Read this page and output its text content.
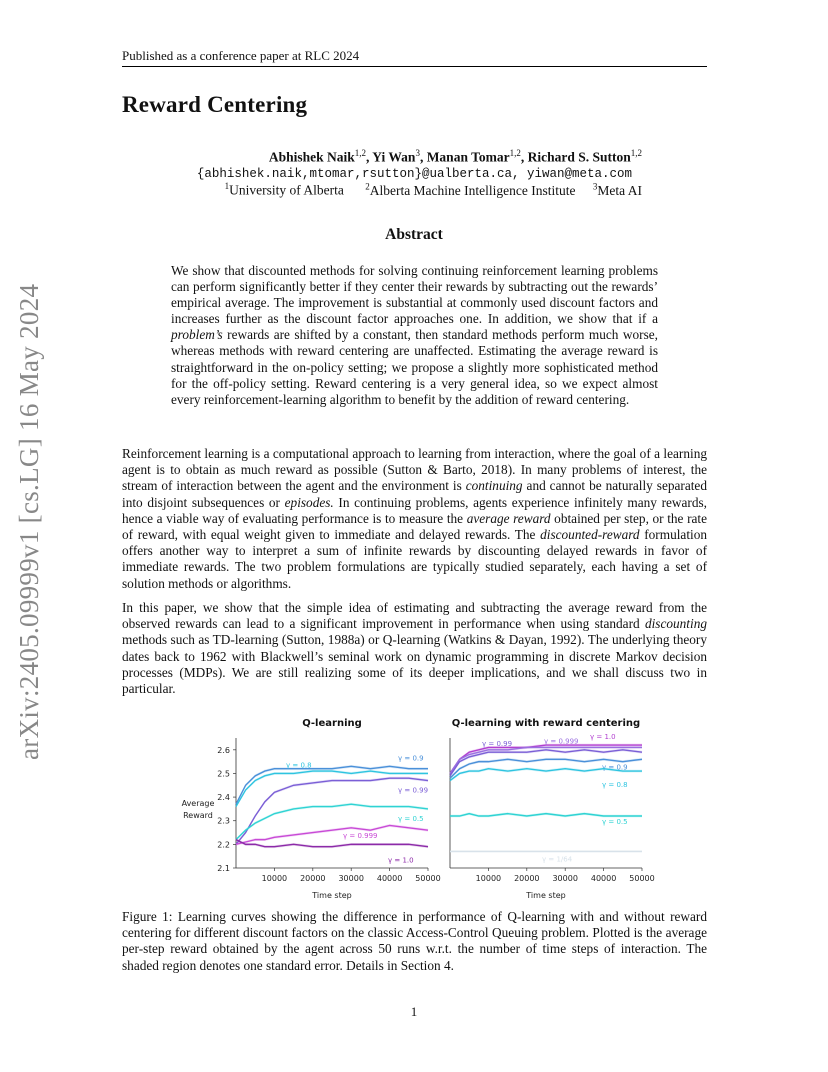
Published as a conference paper at RLC 2024
Reward Centering
Abhishek Naik$^{1,2}$, Yi Wan$^3$, Manan Tomar$^{1,2}$, Richard S. Sutton$^{1,2}$
{abhishek.naik,mtomar,rsutton}@ualberta.ca, yiwan@meta.com
$^1$University of Alberta $^2$Alberta Machine Intelligence Institute $^3$Meta AI
Abstract
We show that discounted methods for solving continuing reinforcement learning problems can perform significantly better if they center their rewards by subtracting out the rewards’ empirical average. The improvement is substantial at commonly used discount factors and increases further as the discount factor approaches one. In addition, we show that if a problem’s rewards are shifted by a constant, then standard methods perform much worse, whereas methods with reward centering are unaffected. Estimating the average reward is straightforward in the on-policy setting; we propose a slightly more sophisticated method for the off-policy setting. Reward centering is a very general idea, so we expect almost every reinforcement-learning algorithm to benefit by the addition of reward centering.
Reinforcement learning is a computational approach to learning from interaction, where the goal of a learning agent is to obtain as much reward as possible (Sutton & Barto, 2018). In many problems of interest, the stream of interaction between the agent and the environment is continuing and cannot be naturally separated into disjoint subsequences or episodes. In continuing problems, agents experience infinitely many rewards, hence a viable way of evaluating performance is to measure the average reward obtained per step, or the rate of reward, with equal weight given to immediate and delayed rewards. The discounted-reward formulation offers another way to interpret a sum of infinite rewards by discounting delayed rewards in favor of immediate rewards. The two problem formulations are typically studied separately, each having a set of solution methods or algorithms.
In this paper, we show that the simple idea of estimating and subtracting the average reward from the observed rewards can lead to a significant improvement in performance when using standard discounting methods such as TD-learning (Sutton, 1988a) or Q-learning (Watkins & Dayan, 1992). The underlying theory dates back to 1962 with Blackwell’s seminal work on dynamic programming in discrete Markov decision processes (MDPs). We are still realizing some of its deeper implications, and we shall discuss two in particular.
arXiv:2405.09999v1 [cs.LG] 16 May 2024	Q-learning
10000 20000 30000 40000 50000
Time step
2.1
2.2
2.3
2.4
2.5
2.6
Average
Reward
γ = 0.9
γ = 0.8
γ = 0.99
γ = 0.5
γ = 0.999
γ = 1.0
Q-learning with reward centering
10000 20000 30000 40000 50000
Time step
γ = 1.0
γ = 0.999
γ = 0.99
γ = 0.9
γ = 0.8
γ = 0.5
γ = 1/64
Figure 1: Learning curves showing the difference in performance of Q-learning with and without reward centering for different discount factors on the classic Access-Control Queuing problem. Plotted is the average per-step reward obtained by the agent across 50 runs w.r.t. the number of time steps of interaction. The shaded region denotes one standard error. Details in Section 4.
1
